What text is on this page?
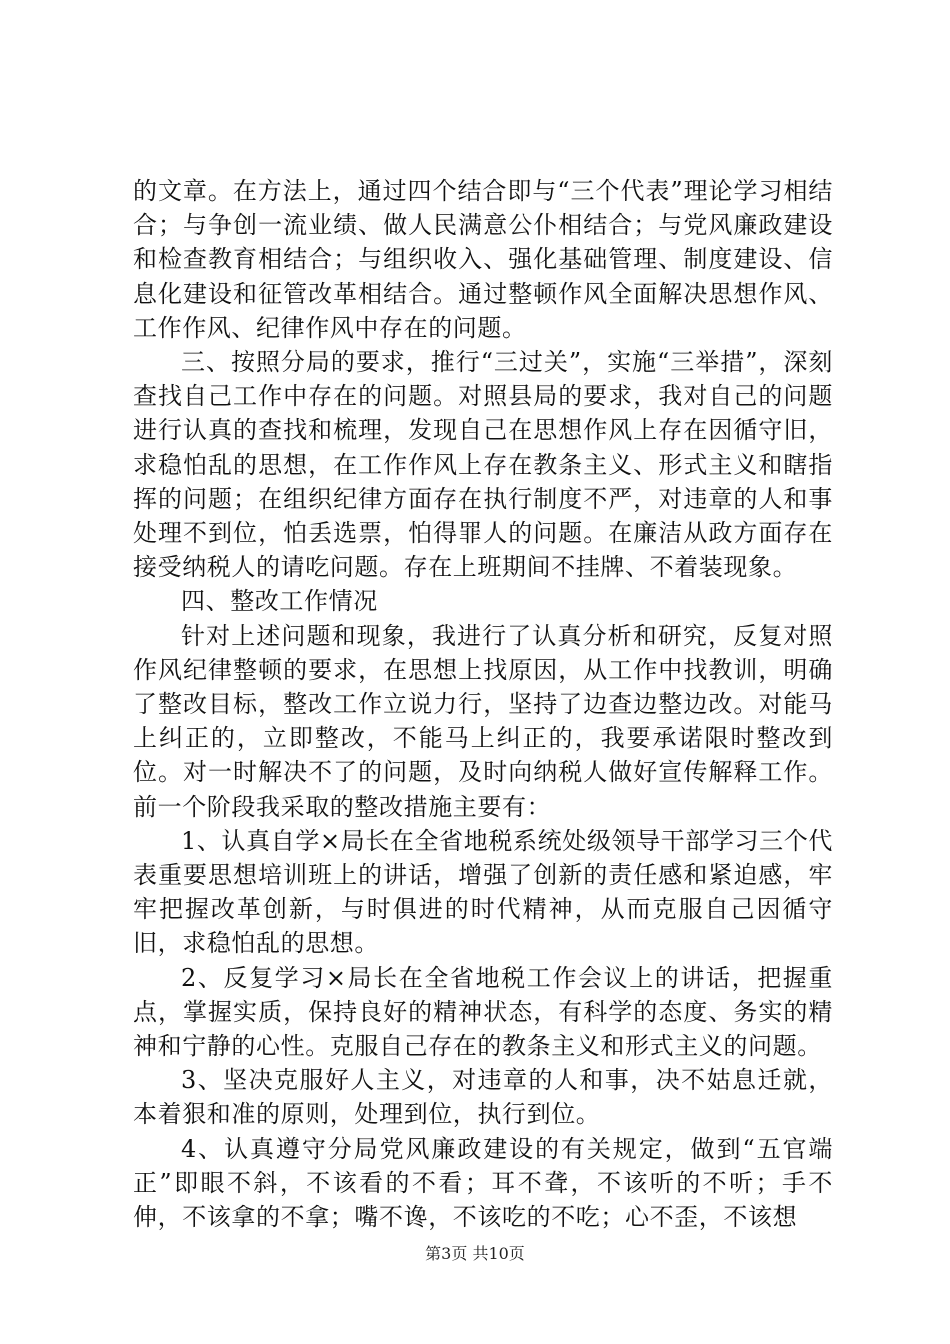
的文章。在方法上，通过四个结合即与“三个代表”理论学习相结合；与争创一流业绩、做人民满意公仆相结合；与党风廉政建设和检查教育相结合；与组织收入、强化基础管理、制度建设、信息化建设和征管改革相结合。通过整顿作风全面解决思想作风、工作作风、纪律作风中存在的问题。

三、按照分局的要求，推行“三过关”，实施“三举措”，深刻查找自己工作中存在的问题。对照县局的要求，我对自己的问题进行认真的查找和梳理，发现自己在思想作风上存在因循守旧，求稳怕乱的思想，在工作作风上存在教条主义、形式主义和瞎指挥的问题；在组织纪律方面存在执行制度不严，对违章的人和事处理不到位，怕丢选票，怕得罪人的问题。在廉洁从政方面存在接受纳税人的请吃问题。存在上班期间不挂牌、不着装现象。

四、整改工作情况

针对上述问题和现象，我进行了认真分析和研究，反复对照作风纪律整顿的要求，在思想上找原因，从工作中找教训，明确了整改目标，整改工作立说力行，坚持了边查边整边改。对能马上纠正的，立即整改，不能马上纠正的，我要承诺限时整改到位。对一时解决不了的问题，及时向纳税人做好宣传解释工作。前一个阶段我采取的整改措施主要有：

1、认真自学×局长在全省地税系统处级领导干部学习三个代表重要思想培训班上的讲话，增强了创新的责任感和紧迫感，牢牢把握改革创新，与时俱进的时代精神，从而克服自己因循守旧，求稳怕乱的思想。

2、反复学习×局长在全省地税工作会议上的讲话，把握重点，掌握实质，保持良好的精神状态，有科学的态度、务实的精神和宁静的心性。克服自己存在的教条主义和形式主义的问题。

3、坚决克服好人主义，对违章的人和事，决不姑息迁就，本着狠和准的原则，处理到位，执行到位。

4、认真遵守分局党风廉政建设的有关规定，做到“五官端正”即眼不斜，不该看的不看；耳不聋，不该听的不听；手不伸，不该拿的不拿；嘴不谗，不该吃的不吃；心不歪，不该想

第3页 共10页
